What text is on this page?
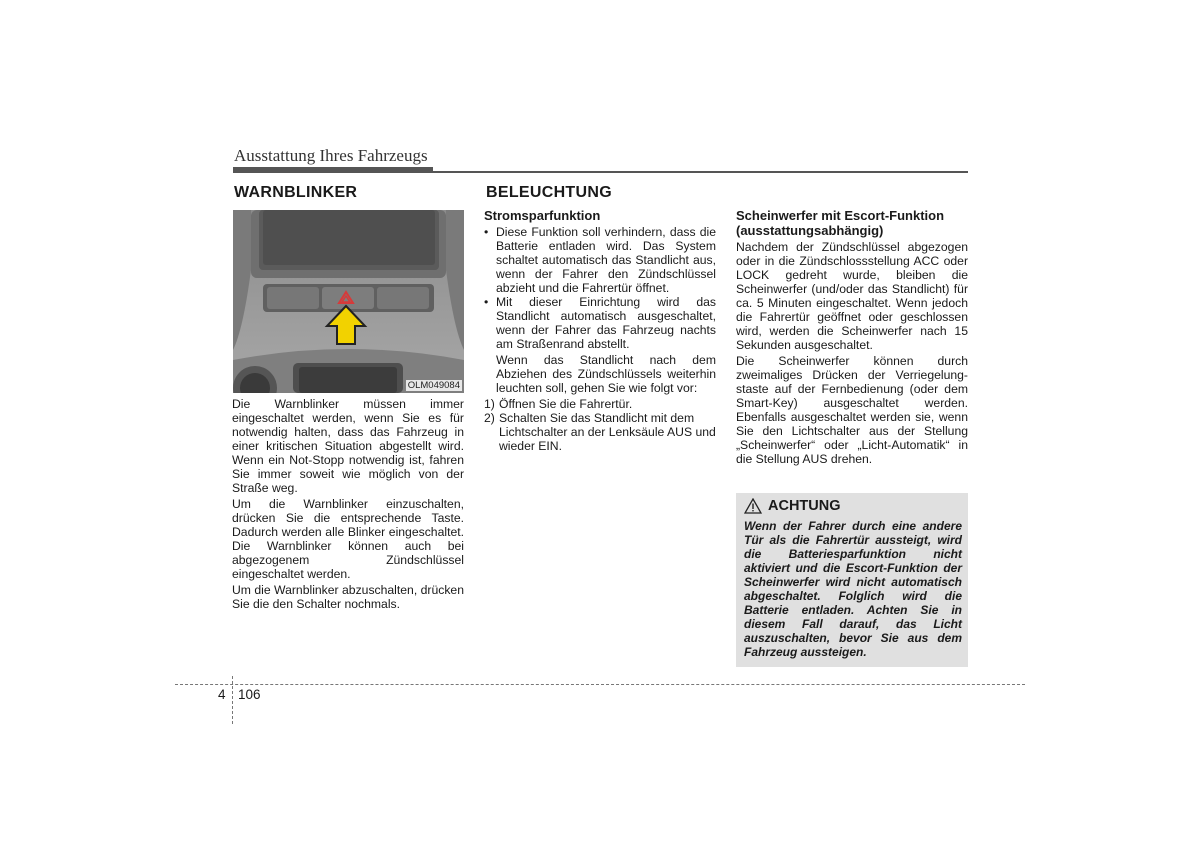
Ausstattung Ihres Fahrzeugs
WARNBLINKER
OLM049084

Die Warnblinker müssen immer eingeschaltet werden, wenn Sie es für notwendig halten, dass das Fahrzeug in einer kritischen Situation abgestellt wird. Wenn ein Not-Stopp notwendig ist, fahren Sie immer soweit wie möglich von der Straße weg.

Um die Warnblinker einzuschalten, drücken Sie die entsprechende Taste. Dadurch werden alle Blinker eingeschaltet. Die Warnblinker können auch bei abgezogenem Zündschlüssel eingeschaltet werden.

Um die Warnblinker abzuschalten, drücken Sie die den Schalter nochmals.

BELEUCHTUNG
Stromsparfunktion
• Diese Funktion soll verhindern, dass die Batterie entladen wird. Das System schaltet automatisch das Standlicht aus, wenn der Fahrer den Zündschlüssel abzieht und die Fahrertür öffnet.
• Mit dieser Einrichtung wird das Standlicht automatisch ausgeschaltet, wenn der Fahrer das Fahrzeug nachts am Straßenrand abstellt.

Wenn das Standlicht nach dem Abziehen des Zündschlüssels weiterhin leuchten soll, gehen Sie wie folgt vor:

1) Öffnen Sie die Fahrertür.
2) Schalten Sie das Standlicht mit dem Lichtschalter an der Lenksäule AUS und wieder EIN.
Scheinwerfer mit Escort-Funktion (ausstattungsabhängig)

Nachdem der Zündschlüssel abgezogen oder in die Zündschlossstellung ACC oder LOCK gedreht wurde, bleiben die Scheinwerfer (und/oder das Standlicht) für ca. 5 Minuten eingeschaltet. Wenn jedoch die Fahrertür geöffnet oder geschlossen wird, werden die Scheinwerfer nach 15 Sekunden ausgeschaltet.

Die Scheinwerfer können durch zweimaliges Drücken der Verriegelung-staste auf der Fernbedienung (oder dem Smart-Key) ausgeschaltet werden. Ebenfalls ausgeschaltet werden sie, wenn Sie den Lichtschalter aus der Stellung „Scheinwerfer“ oder „Licht-Automatik“ in die Stellung AUS drehen.

ACHTUNG
Wenn der Fahrer durch eine andere Tür als die Fahrertür aussteigt, wird die Batteriesparfunktion nicht aktiviert und die Escort-Funktion der Scheinwerfer wird nicht automatisch abgeschaltet. Folglich wird die Batterie entladen. Achten Sie in diesem Fall darauf, das Licht auszuschalten, bevor Sie aus dem Fahrzeug aussteigen.
4 106
